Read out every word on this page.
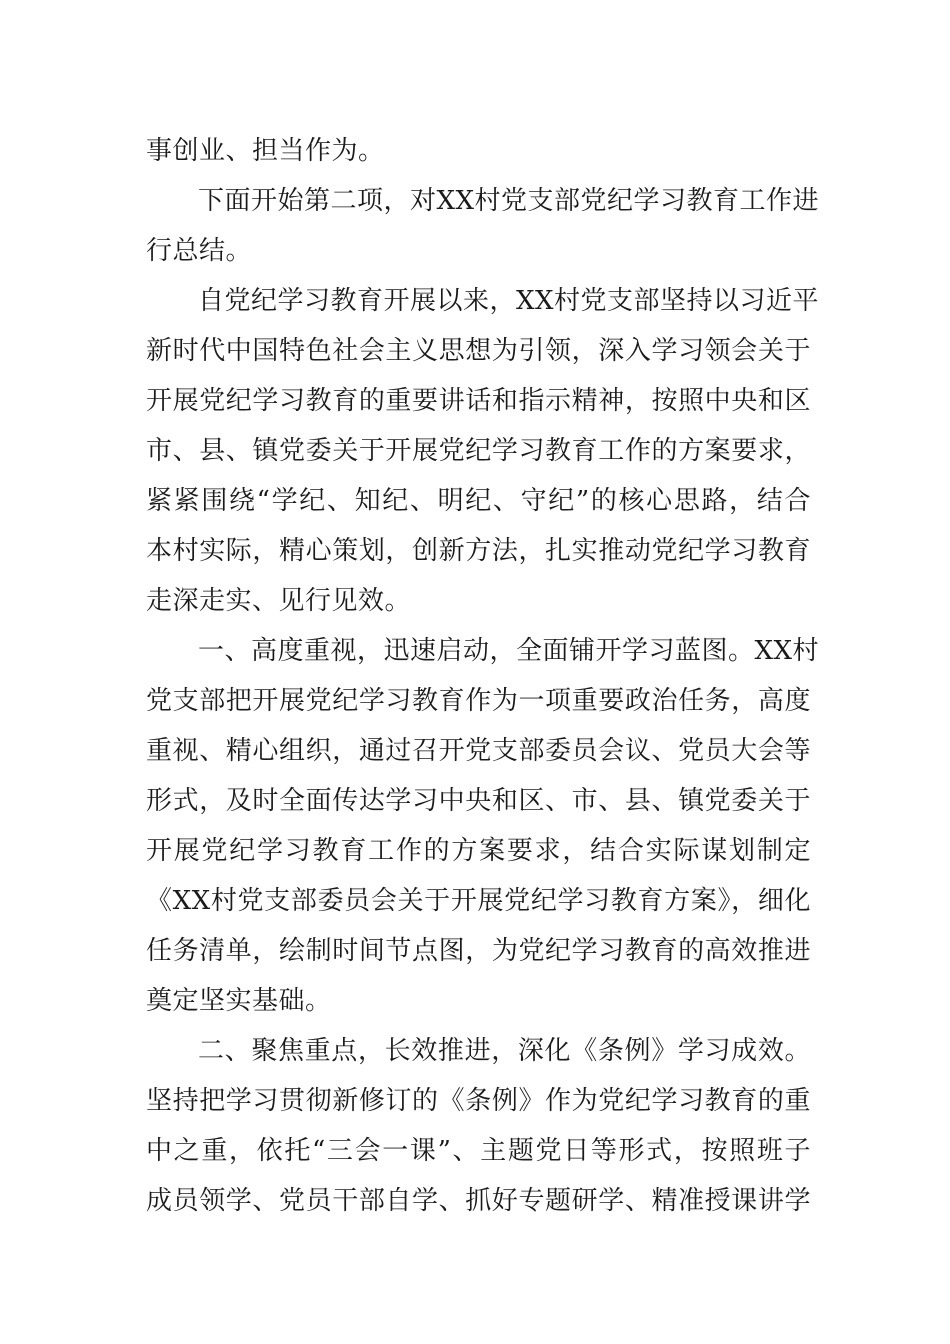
事创业、担当作为。
下面开始第二项，对XX村党支部党纪学习教育工作进
行总结。
自党纪学习教育开展以来，XX村党支部坚持以习近平
新时代中国特色社会主义思想为引领，深入学习领会关于
开展党纪学习教育的重要讲话和指示精神，按照中央和区
市、县、镇党委关于开展党纪学习教育工作的方案要求，
紧紧围绕“学纪、知纪、明纪、守纪”的核心思路，结合
本村实际，精心策划，创新方法，扎实推动党纪学习教育
走深走实、见行见效。
一、高度重视，迅速启动，全面铺开学习蓝图。XX村
党支部把开展党纪学习教育作为一项重要政治任务，高度
重视、精心组织，通过召开党支部委员会议、党员大会等
形式，及时全面传达学习中央和区、市、县、镇党委关于
开展党纪学习教育工作的方案要求，结合实际谋划制定
《XX村党支部委员会关于开展党纪学习教育方案》，细化
任务清单，绘制时间节点图，为党纪学习教育的高效推进
奠定坚实基础。
二、聚焦重点，长效推进，深化《条例》学习成效。
坚持把学习贯彻新修订的《条例》作为党纪学习教育的重
中之重，依托“三会一课”、主题党日等形式，按照班子
成员领学、党员干部自学、抓好专题研学、精准授课讲学
